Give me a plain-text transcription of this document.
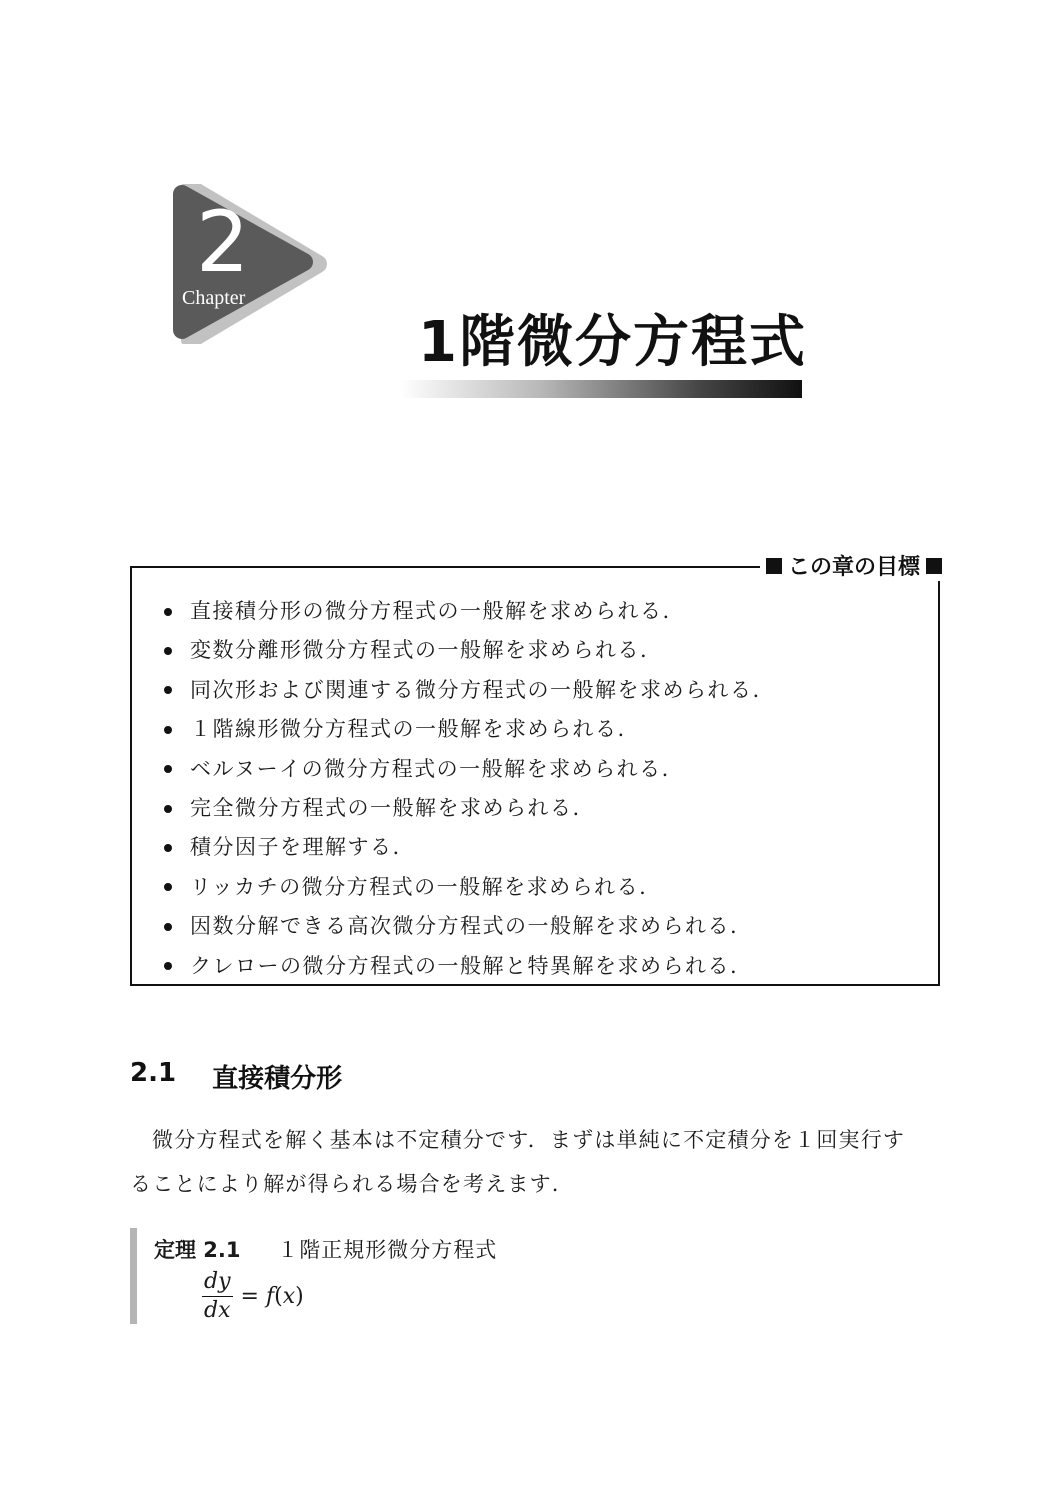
2
Chapter
1階微分方程式
この章の目標
直接積分形の微分方程式の一般解を求められる.
変数分離形微分方程式の一般解を求められる.
同次形および関連する微分方程式の一般解を求められる.
１階線形微分方程式の一般解を求められる.
ベルヌーイの微分方程式の一般解を求められる.
完全微分方程式の一般解を求められる.
積分因子を理解する.
リッカチの微分方程式の一般解を求められる.
因数分解できる高次微分方程式の一般解を求められる.
クレローの微分方程式の一般解と特異解を求められる.
2.1 直接積分形

微分方程式を解く基本は不定積分です．まずは単純に不定積分を１回実行す

ることにより解が得られる場合を考えます.

定理 2.1 １階正規形微分方程式
$\frac{dy}{dx} = f(x)$
